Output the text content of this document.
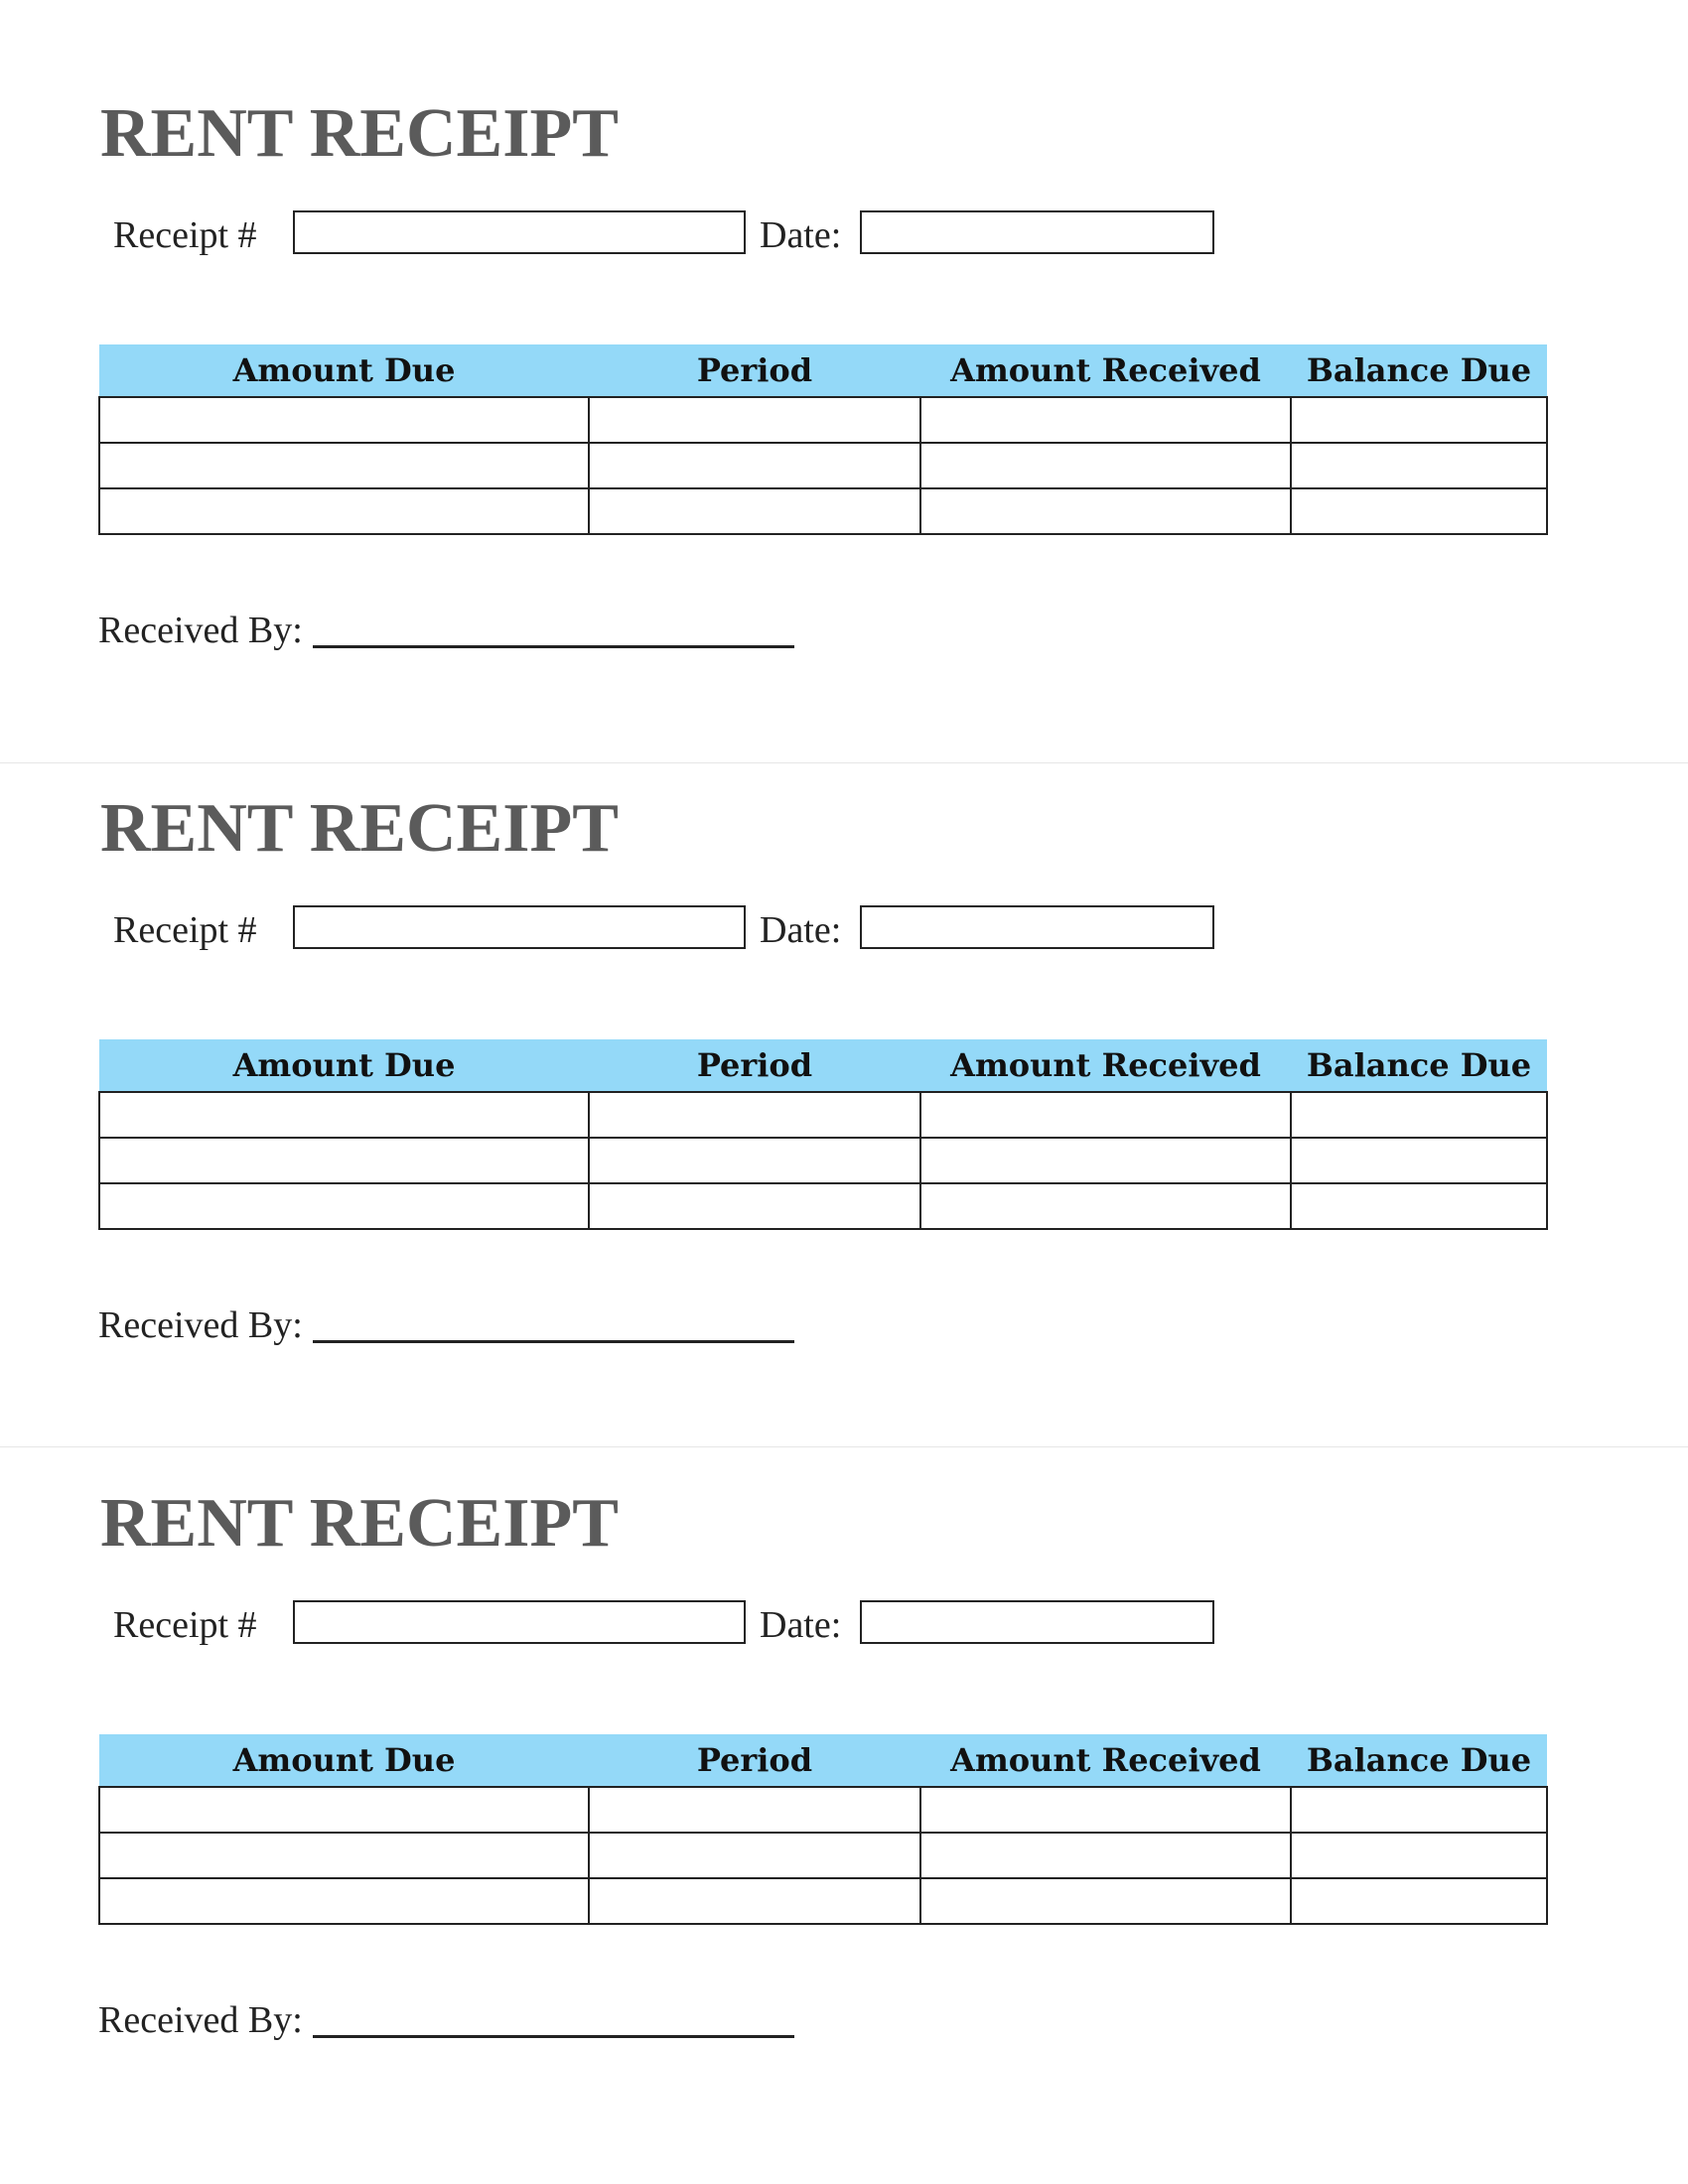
RENT RECEIPT
Receipt #	Date:
Amount Due	Period	Amount Received	Balance Due

Received By:
RENT RECEIPT
Receipt #	Date:
Amount Due	Period	Amount Received	Balance Due

Received By:
RENT RECEIPT
Receipt #	Date:
Amount Due	Period	Amount Received	Balance Due

Received By:
